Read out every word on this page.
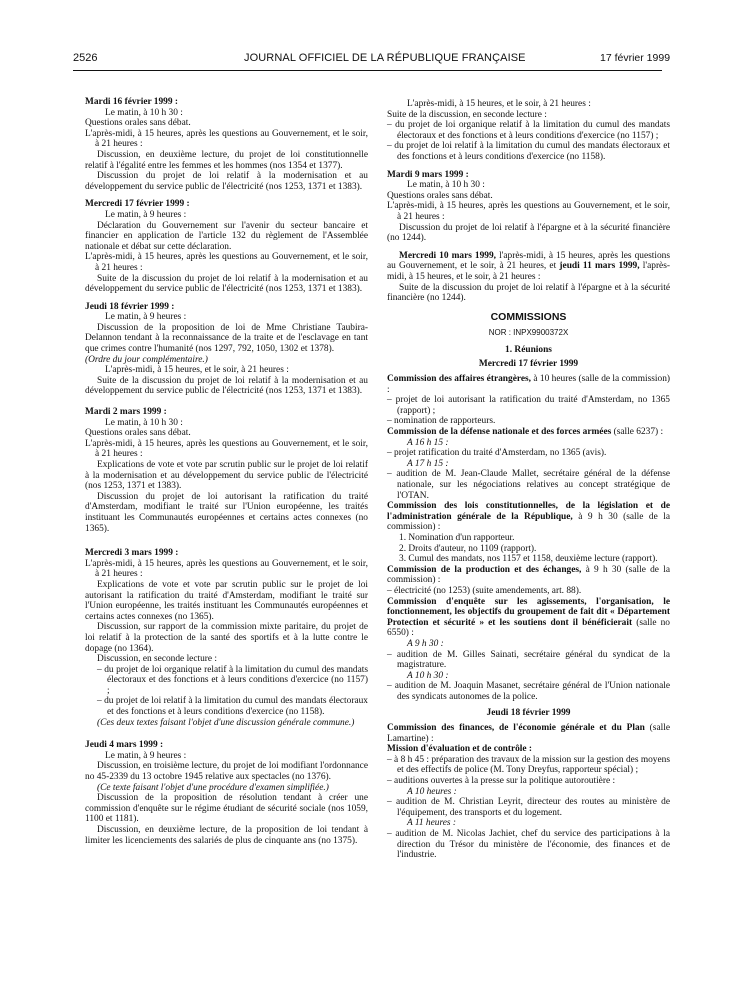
2526	JOURNAL OFFICIEL DE LA RÉPUBLIQUE FRANÇAISE	17 février 1999

Mardi 16 février 1999 :

Le matin, à 10 h 30 :

Questions orales sans débat.

L'après-midi, à 15 heures, après les questions au Gouvernement, et le soir, à 21 heures :

Discussion, en deuxième lecture, du projet de loi constitutionnelle relatif à l'égalité entre les femmes et les hommes (nos 1354 et 1377).

Discussion du projet de loi relatif à la modernisation et au développement du service public de l'électricité (nos 1253, 1371 et 1383).

Mercredi 17 février 1999 :

Le matin, à 9 heures :

Déclaration du Gouvernement sur l'avenir du secteur bancaire et financier en application de l'article 132 du règlement de l'Assemblée nationale et débat sur cette déclaration.

L'après-midi, à 15 heures, après les questions au Gouvernement, et le soir, à 21 heures :

Suite de la discussion du projet de loi relatif à la modernisation et au développement du service public de l'électricité (nos 1253, 1371 et 1383).

Jeudi 18 février 1999 :

Le matin, à 9 heures :

Discussion de la proposition de loi de Mme Christiane Taubira-Delannon tendant à la reconnaissance de la traite et de l'esclavage en tant que crimes contre l'humanité (nos 1297, 792, 1050, 1302 et 1378).

(Ordre du jour complémentaire.)

L'après-midi, à 15 heures, et le soir, à 21 heures :

Suite de la discussion du projet de loi relatif à la modernisation et au développement du service public de l'électricité (nos 1253, 1371 et 1383).

Mardi 2 mars 1999 :

Le matin, à 10 h 30 :

Questions orales sans débat.

L'après-midi, à 15 heures, après les questions au Gouvernement, et le soir, à 21 heures :

Explications de vote et vote par scrutin public sur le projet de loi relatif à la modernisation et au développement du service public de l'électricité (nos 1253, 1371 et 1383).

Discussion du projet de loi autorisant la ratification du traité d'Amsterdam, modifiant le traité sur l'Union européenne, les traités instituant les Communautés européennes et certains actes connexes (no 1365).

Mercredi 3 mars 1999 :

L'après-midi, à 15 heures, après les questions au Gouvernement, et le soir, à 21 heures :

Explications de vote et vote par scrutin public sur le projet de loi autorisant la ratification du traité d'Amsterdam, modifiant le traité sur l'Union européenne, les traités instituant les Communautés européennes et certains actes connexes (no 1365).

Discussion, sur rapport de la commission mixte paritaire, du projet de loi relatif à la protection de la santé des sportifs et à la lutte contre le dopage (no 1364).

Discussion, en seconde lecture :

– du projet de loi organique relatif à la limitation du cumul des mandats électoraux et des fonctions et à leurs conditions d'exercice (no 1157) ;

– du projet de loi relatif à la limitation du cumul des mandats électoraux et des fonctions et à leurs conditions d'exercice (no 1158).

(Ces deux textes faisant l'objet d'une discussion générale commune.)

Jeudi 4 mars 1999 :

Le matin, à 9 heures :

Discussion, en troisième lecture, du projet de loi modifiant l'ordonnance no 45-2339 du 13 octobre 1945 relative aux spectacles (no 1376).

(Ce texte faisant l'objet d'une procédure d'examen simplifiée.)

Discussion de la proposition de résolution tendant à créer une commission d'enquête sur le régime étudiant de sécurité sociale (nos 1059, 1100 et 1181).

Discussion, en deuxième lecture, de la proposition de loi tendant à limiter les licenciements des salariés de plus de cinquante ans (no 1375).

L'après-midi, à 15 heures, et le soir, à 21 heures :

Suite de la discussion, en seconde lecture :

– du projet de loi organique relatif à la limitation du cumul des mandats électoraux et des fonctions et à leurs conditions d'exercice (no 1157) ;

– du projet de loi relatif à la limitation du cumul des mandats électoraux et des fonctions et à leurs conditions d'exercice (no 1158).

Mardi 9 mars 1999 :

Le matin, à 10 h 30 :

Questions orales sans débat.

L'après-midi, à 15 heures, après les questions au Gouvernement, et le soir, à 21 heures :

Discussion du projet de loi relatif à l'épargne et à la sécurité financière (no 1244).

Mercredi 10 mars 1999, l'après-midi, à 15 heures, après les questions au Gouvernement, et le soir, à 21 heures, et jeudi 11 mars 1999, l'après-midi, à 15 heures, et le soir, à 21 heures :

Suite de la discussion du projet de loi relatif à l'épargne et à la sécurité financière (no 1244).

COMMISSIONS

NOR : INPX9900372X

1. Réunions

Mercredi 17 février 1999

Commission des affaires étrangères, à 10 heures (salle de la commission) :

– projet de loi autorisant la ratification du traité d'Amsterdam, no 1365 (rapport) ;

– nomination de rapporteurs.

Commission de la défense nationale et des forces armées (salle 6237) :

A 16 h 15 :

– projet ratification du traité d'Amsterdam, no 1365 (avis).

A 17 h 15 :

– audition de M. Jean-Claude Mallet, secrétaire général de la défense nationale, sur les négociations relatives au concept stratégique de l'OTAN.

Commission des lois constitutionnelles, de la législation et de l'administration générale de la République, à 9 h 30 (salle de la commission) :

1. Nomination d'un rapporteur.

2. Droits d'auteur, no 1109 (rapport).

3. Cumul des mandats, nos 1157 et 1158, deuxième lecture (rapport).

Commission de la production et des échanges, à 9 h 30 (salle de la commission) :

– électricité (no 1253) (suite amendements, art. 88).

Commission d'enquête sur les agissements, l'organisation, le fonctionnement, les objectifs du groupement de fait dit « Département Protection et sécurité » et les soutiens dont il bénéficierait (salle no 6550) :

A 9 h 30 :

– audition de M. Gilles Sainati, secrétaire général du syndicat de la magistrature.

A 10 h 30 :

– audition de M. Joaquin Masanet, secrétaire général de l'Union nationale des syndicats autonomes de la police.

Jeudi 18 février 1999

Commission des finances, de l'économie générale et du Plan (salle Lamartine) :

Mission d'évaluation et de contrôle :

– à 8 h 45 : préparation des travaux de la mission sur la gestion des moyens et des effectifs de police (M. Tony Dreyfus, rapporteur spécial) ;

– auditions ouvertes à la presse sur la politique autoroutière :

A 10 heures :

– audition de M. Christian Leyrit, directeur des routes au ministère de l'équipement, des transports et du logement.

A 11 heures :

– audition de M. Nicolas Jachiet, chef du service des participations à la direction du Trésor du ministère de l'économie, des finances et de l'industrie.
